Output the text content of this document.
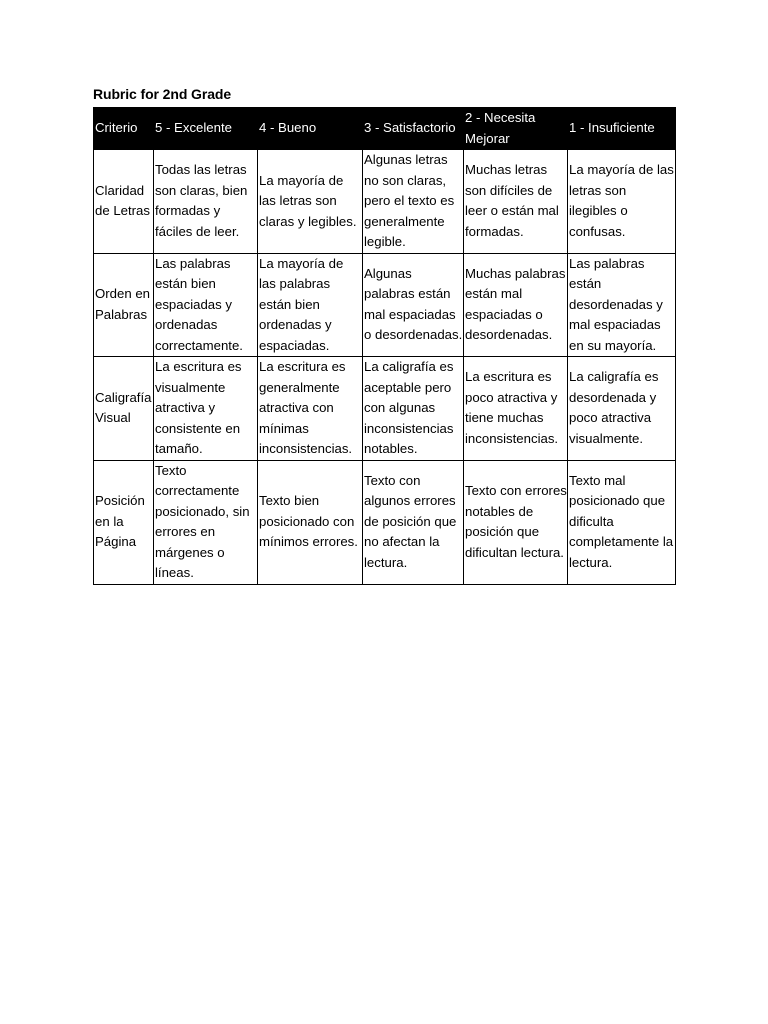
Rubric for 2nd Grade
Criterio	5 - Excelente	4 - Bueno	3 - Satisfactorio	2 - Necesita Mejorar	1 - Insuficiente
Claridad de Letras	Todas las letras son claras, bien formadas y fáciles de leer.	La mayoría de las letras son claras y legibles.	Algunas letras no son claras, pero el texto es generalmente legible.	Muchas letras son difíciles de leer o están mal formadas.	La mayoría de las letras son ilegibles o confusas.
Orden en Palabras	Las palabras están bien espaciadas y ordenadas correctamente.	La mayoría de las palabras están bien ordenadas y espaciadas.	Algunas palabras están mal espaciadas o desordenadas.	Muchas palabras están mal espaciadas o desordenadas.	Las palabras están desordenadas y mal espaciadas en su mayoría.
Caligrafía Visual	La escritura es visualmente atractiva y consistente en tamaño.	La escritura es generalmente atractiva con mínimas inconsistencias.	La caligrafía es aceptable pero con algunas inconsistencias notables.	La escritura es poco atractiva y tiene muchas inconsistencias.	La caligrafía es desordenada y poco atractiva visualmente.
Posición en la Página	Texto correctamente posicionado, sin errores en márgenes o líneas.	Texto bien posicionado con mínimos errores.	Texto con algunos errores de posición que no afectan la lectura.	Texto con errores notables de posición que dificultan lectura.	Texto mal posicionado que dificulta completamente la lectura.
